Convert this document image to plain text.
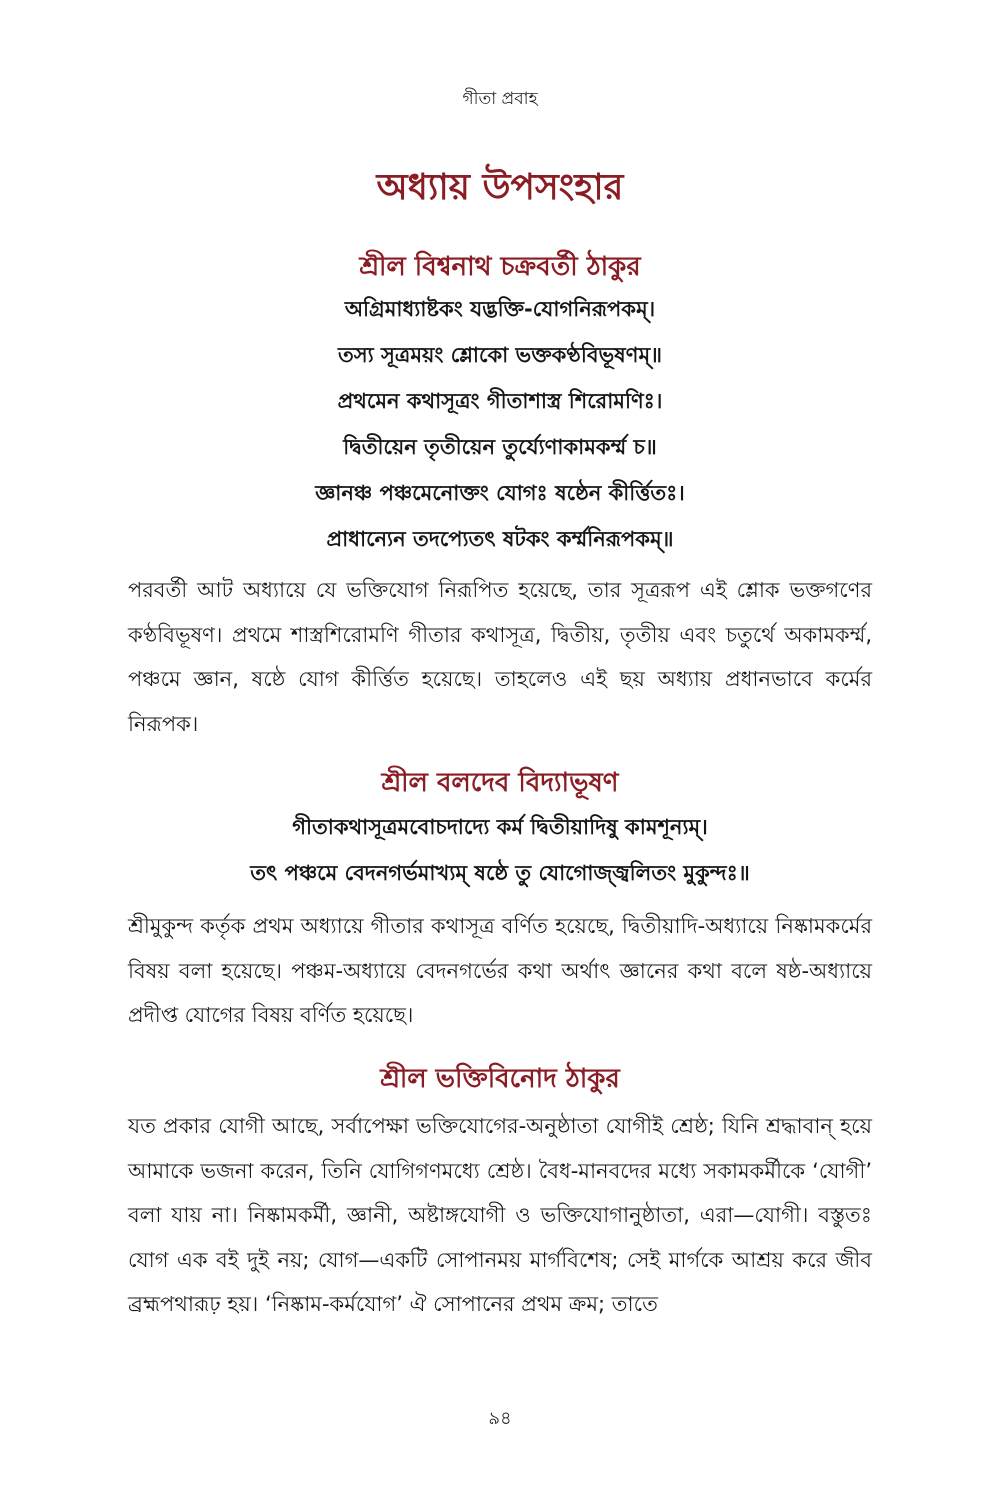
গীতা প্রবাহ
অধ্যায় উপসংহার
শ্রীল বিশ্বনাথ চক্রবর্তী ঠাকুর
অগ্রিমাধ্যাষ্টকং যদ্ভক্তি-যোগনিরূপকম্।
তস্য সূত্রময়ং শ্লোকো ভক্তকণ্ঠবিভূষণম্॥
প্রথমেন কথাসূত্রং গীতাশাস্ত্র শিরোমণিঃ।
দ্বিতীয়েন তৃতীয়েন তুর্য্যেণাকামকর্ম্ম চ॥
জ্ঞানঞ্চ পঞ্চমেনোক্তং যোগঃ ষষ্ঠেন কীর্ত্তিতঃ।
প্রাধান্যেন তদপ্যেতৎ ষটকং কর্ম্মনিরূপকম্॥
পরবর্তী আট অধ্যায়ে যে ভক্তিযোগ নিরূপিত হয়েছে, তার সূত্ররূপ এই শ্লোক ভক্তগণের কণ্ঠবিভূষণ। প্রথমে শাস্ত্রশিরোমণি গীতার কথাসূত্র, দ্বিতীয়, তৃতীয় এবং চতুর্থে অকামকর্ম্ম, পঞ্চমে জ্ঞান, ষষ্ঠে যোগ কীর্ত্তিত হয়েছে। তাহলেও এই ছয় অধ্যায় প্রধানভাবে কর্মের নিরূপক।
শ্রীল বলদেব বিদ্যাভূষণ
গীতাকথাসূত্রমবোচদাদ্যে কর্ম দ্বিতীয়াদিষু কামশূন্যম্।
তৎ পঞ্চমে বেদনগর্ভমাখ্যম্ ষষ্ঠে তু যোগোজ্জ্বলিতং মুকুন্দঃ॥
শ্রীমুকুন্দ কর্তৃক প্রথম অধ্যায়ে গীতার কথাসূত্র বর্ণিত হয়েছে, দ্বিতীয়াদি-অধ্যায়ে নিষ্কামকর্মের বিষয় বলা হয়েছে। পঞ্চম-অধ্যায়ে বেদনগর্ভের কথা অর্থাৎ জ্ঞানের কথা বলে ষষ্ঠ-অধ্যায়ে প্রদীপ্ত যোগের বিষয় বর্ণিত হয়েছে।
শ্রীল ভক্তিবিনোদ ঠাকুর
যত প্রকার যোগী আছে, সর্বাপেক্ষা ভক্তিযোগের-অনুষ্ঠাতা যোগীই শ্রেষ্ঠ; যিনি শ্রদ্ধাবান্ হয়ে আমাকে ভজনা করেন, তিনি যোগিগণমধ্যে শ্রেষ্ঠ। বৈধ-মানবদের মধ্যে সকামকর্মীকে ‘যোগী’ বলা যায় না। নিষ্কামকর্মী, জ্ঞানী, অষ্টাঙ্গযোগী ও ভক্তিযোগানুষ্ঠাতা, এরা—যোগী। বস্তুতঃ যোগ এক বই দুই নয়; যোগ—একটি সোপানময় মার্গবিশেষ; সেই মার্গকে আশ্রয় করে জীব ব্রহ্মপথারূঢ় হয়। ‘নিষ্কাম-কর্মযোগ’ ঐ সোপানের প্রথম ক্রম; তাতে
৯৪
